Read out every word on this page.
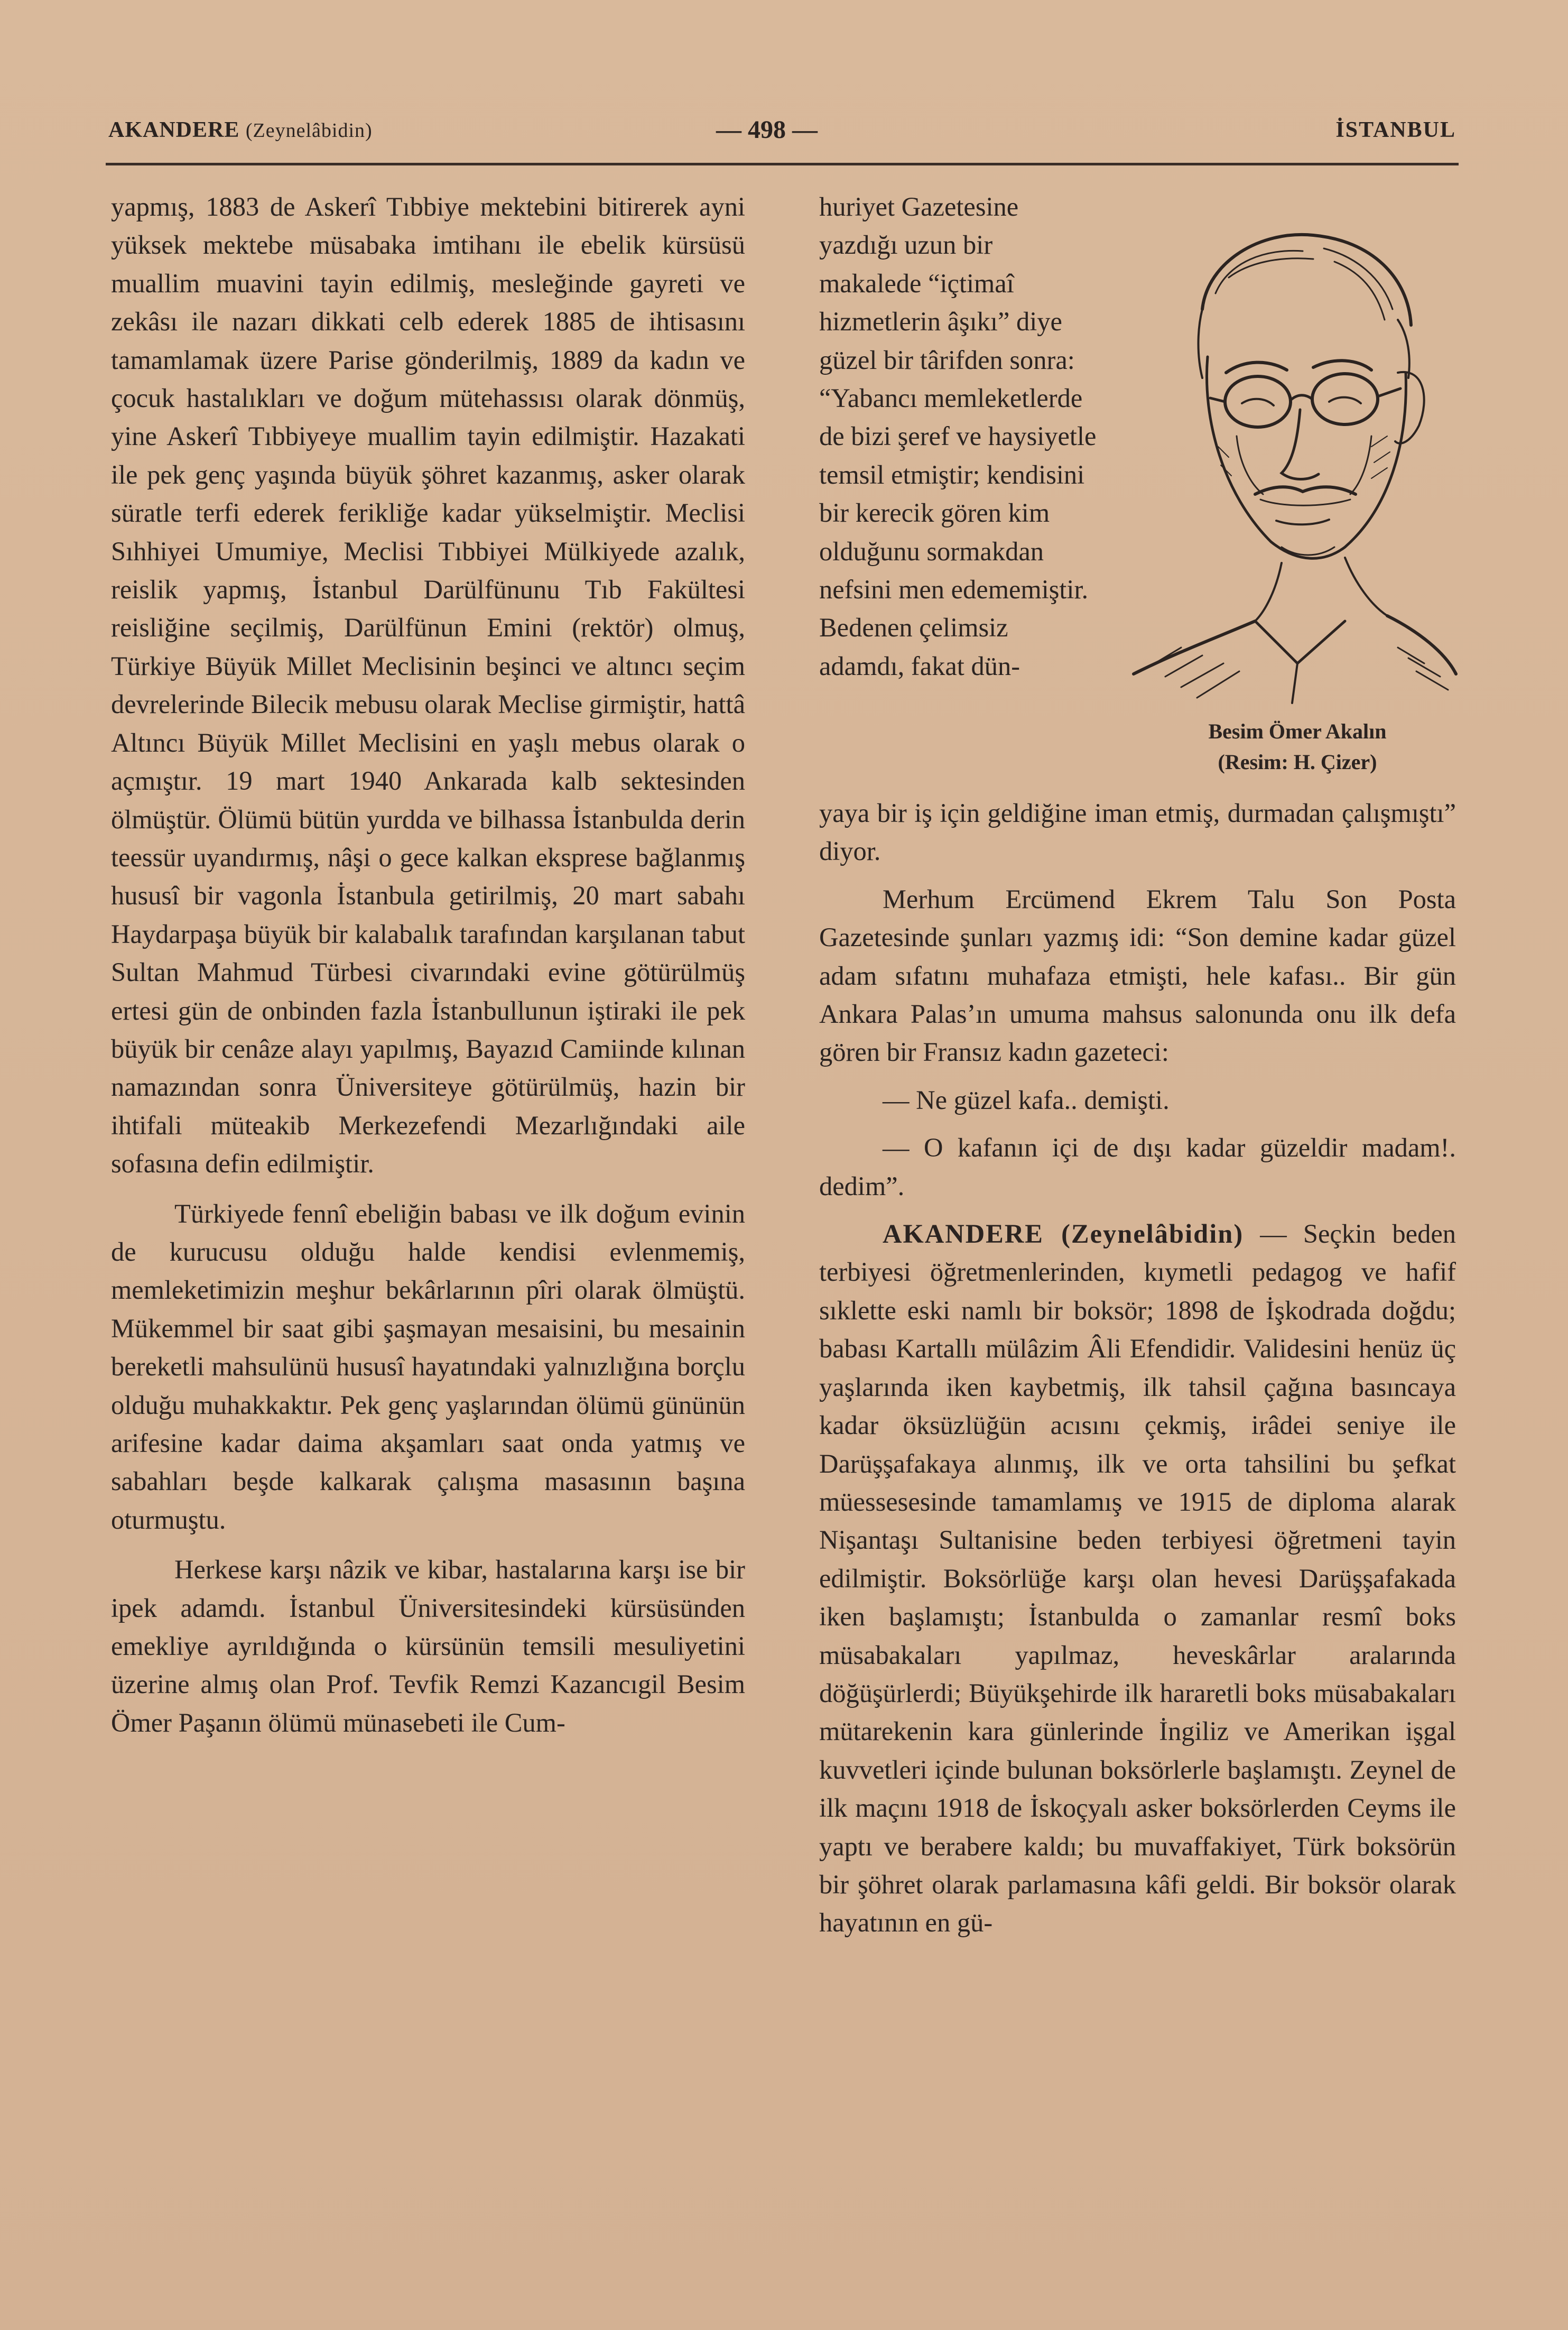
AKANDERE (Zeynelâbidin)	— 498 —	İSTANBUL

yapmış, 1883 de Askerî Tıbbiye mektebini bitirerek ayni yüksek mektebe müsabaka imtihanı ile ebelik kürsüsü muallim muavini tayin edilmiş, mesleğinde gayreti ve zekâsı ile nazarı dikkati celb ederek 1885 de ihtisasını tamamlamak üzere Parise gönderilmiş, 1889 da kadın ve çocuk hastalıkları ve doğum mütehassısı olarak dönmüş, yine Askerî Tıbbiyeye muallim tayin edilmiştir. Hazakati ile pek genç yaşında büyük şöhret kazanmış, asker olarak süratle terfi ederek ferikliğe kadar yükselmiştir. Meclisi Sıhhiyei Umumiye, Meclisi Tıbbiyei Mülkiyede azalık, reislik yapmış, İstanbul Darülfünunu Tıb Fakültesi reisliğine seçilmiş, Darülfünun Emini (rektör) olmuş, Türkiye Büyük Millet Meclisinin beşinci ve altıncı seçim devrelerinde Bilecik mebusu olarak Meclise girmiştir, hattâ Altıncı Büyük Millet Meclisini en yaşlı mebus olarak o açmıştır. 19 mart 1940 Ankarada kalb sektesinden ölmüştür. Ölümü bütün yurdda ve bilhassa İstanbulda derin teessür uyandırmış, nâşi o gece kalkan eksprese bağlanmış hususî bir vagonla İstanbula getirilmiş, 20 mart sabahı Haydarpaşa büyük bir kalabalık tarafından karşılanan tabut Sultan Mahmud Türbesi civarındaki evine götürülmüş ertesi gün de onbinden fazla İstanbullunun iştiraki ile pek büyük bir cenâze alayı yapılmış, Bayazıd Camiinde kılınan namazından sonra Üniversiteye götürülmüş, hazin bir ihtifali müteakib Merkezefendi Mezarlığındaki aile sofasına defin edilmiştir.

Türkiyede fennî ebeliğin babası ve ilk doğum evinin de kurucusu olduğu halde kendisi evlenmemiş, memleketimizin meşhur bekârlarının pîri olarak ölmüştü. Mükemmel bir saat gibi şaşmayan mesaisini, bu mesainin bereketli mahsulünü hususî hayatındaki yalnızlığına borçlu olduğu muhakkaktır. Pek genç yaşlarından ölümü gününün arifesine kadar daima akşamları saat onda yatmış ve sabahları beşde kalkarak çalışma masasının başına oturmuştu.

Herkese karşı nâzik ve kibar, hastalarına karşı ise bir ipek adamdı. İstanbul Üniversitesindeki kürsüsünden emekliye ayrıldığında o kürsünün temsili mesuliyetini üzerine almış olan Prof. Tevfik Remzi Kazancıgil Besim Ömer Paşanın ölümü münasebeti ile Cum-

huriyet Gazetesine yazdığı uzun bir makalede “içtimaî hizmetlerin âşıkı” diye güzel bir târifden sonra: “Yabancı memleketlerde de bizi şeref ve haysiyetle temsil etmiştir; kendisini bir kerecik gören kim olduğunu sormakdan nefsini men edememiştir. Bedenen çelimsiz adamdı, fakat dün-

Besim Ömer Akalın
(Resim: H. Çizer)

yaya bir iş için geldiğine iman etmiş, durmadan çalışmıştı” diyor.

Merhum Ercümend Ekrem Talu Son Posta Gazetesinde şunları yazmış idi: “Son demine kadar güzel adam sıfatını muhafaza etmişti, hele kafası.. Bir gün Ankara Palas’ın umuma mahsus salonunda onu ilk defa gören bir Fransız kadın gazeteci:

— Ne güzel kafa.. demişti.

— O kafanın içi de dışı kadar güzeldir madam!. dedim”.

AKANDERE (Zeynelâbidin) — Seçkin beden terbiyesi öğretmenlerinden, kıymetli pedagog ve hafif sıklette eski namlı bir boksör; 1898 de İşkodrada doğdu; babası Kartallı mülâzim Âli Efendidir. Validesini henüz üç yaşlarında iken kaybetmiş, ilk tahsil çağına basıncaya kadar öksüzlüğün acısını çekmiş, irâdei seniye ile Darüşşafakaya alınmış, ilk ve orta tahsilini bu şefkat müessesesinde tamamlamış ve 1915 de diploma alarak Nişantaşı Sultanisine beden terbiyesi öğretmeni tayin edilmiştir. Boksörlüğe karşı olan hevesi Darüşşafakada iken başlamıştı; İstanbulda o zamanlar resmî boks müsabakaları yapılmaz, heveskârlar aralarında döğüşürlerdi; Büyükşehirde ilk hararetli boks müsabakaları mütarekenin kara günlerinde İngiliz ve Amerikan işgal kuvvetleri içinde bulunan boksörlerle başlamıştı. Zeynel de ilk maçını 1918 de İskoçyalı asker boksörlerden Ceyms ile yaptı ve berabere kaldı; bu muvaffakiyet, Türk boksörün bir şöhret olarak parlamasına kâfi geldi. Bir boksör olarak hayatının en gü-
